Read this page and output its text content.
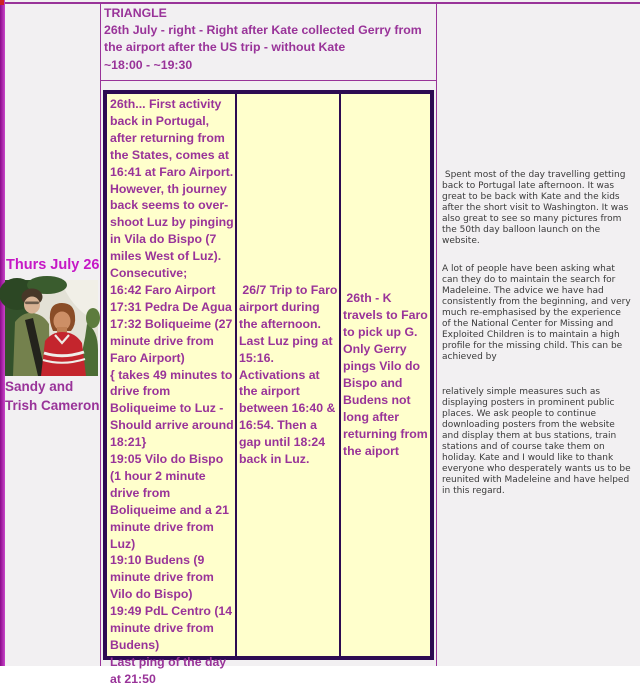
TRIANGLE
26th July - right - Right after Kate collected Gerry from the airport after the US trip - without Kate
~18:00 - ~19:30
Thurs July 26
Sandy and
Trish Cameron
26th... First activity back in Portugal, after returning from the States, comes at 16:41 at Faro Airport. However, th journey back seems to over-shoot Luz by pinging in Vila do Bispo (7 miles West of Luz).
Consecutive;
16:42 Faro Airport
17:31 Pedra De Agua
17:32 Boliqueime (27 minute drive from Faro Airport)
{ takes 49 minutes to drive from Boliqueime to Luz - Should arrive around 18:21}
19:05 Vilo do Bispo (1 hour 2 minute drive from Boliqueime and a 21 minute drive from Luz)
19:10 Budens (9 minute drive from Vilo do Bispo)
19:49 PdL Centro (14 minute drive from Budens)
Last ping of the day at 21:50
26/7 Trip to Faro airport during the afternoon. Last Luz ping at 15:16.
Activations at the airport between 16:40 & 16:54. Then a gap until 18:24 back in Luz.
26th - K travels to Faro to pick up G. Only Gerry pings Vilo do Bispo and Budens not long after returning from the aiport

Spent most of the day travelling getting back to Portugal late afternoon. It was great to be back with Kate and the kids after the short visit to Washington. It was also great to see so many pictures from the 50th day balloon launch on the website.

A lot of people have been asking what can they do to maintain the search for Madeleine. The advice we have had consistently from the beginning, and very much re-emphasised by the experience of the National Center for Missing and Exploited Children is to maintain a high profile for the missing child. This can be achieved by

relatively simple measures such as displaying posters in prominent public places. We ask people to continue downloading posters from the website and display them at bus stations, train stations and of course take them on holiday. Kate and I would like to thank everyone who desperately wants us to be reunited with Madeleine and have helped in this regard.
